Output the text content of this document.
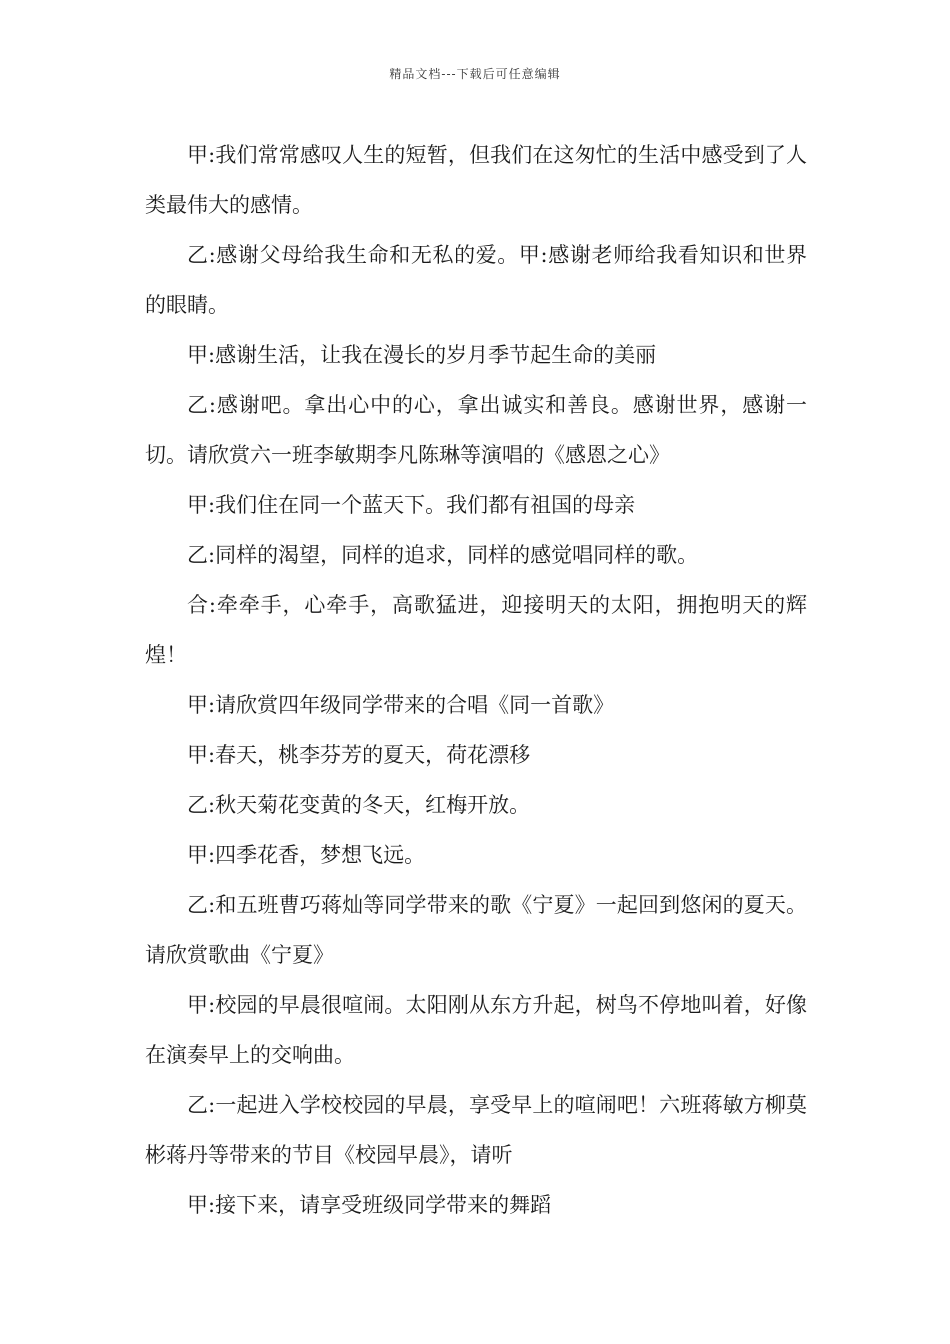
精品文档---下载后可任意编辑

甲:我们常常感叹人生的短暂，但我们在这匆忙的生活中感受到了人类最伟大的感情。

乙:感谢父母给我生命和无私的爱。甲:感谢老师给我看知识和世界的眼睛。

甲:感谢生活，让我在漫长的岁月季节起生命的美丽

乙:感谢吧。拿出心中的心，拿出诚实和善良。感谢世界，感谢一切。请欣赏六一班李敏期李凡陈琳等演唱的《感恩之心》

甲:我们住在同一个蓝天下。我们都有祖国的母亲

乙:同样的渴望，同样的追求，同样的感觉唱同样的歌。

合:牵牵手，心牵手，高歌猛进，迎接明天的太阳，拥抱明天的辉煌！

甲:请欣赏四年级同学带来的合唱《同一首歌》

甲:春天，桃李芬芳的夏天，荷花漂移

乙:秋天菊花变黄的冬天，红梅开放。

甲:四季花香，梦想飞远。

乙:和五班曹巧蒋灿等同学带来的歌《宁夏》一起回到悠闲的夏天。请欣赏歌曲《宁夏》

甲:校园的早晨很喧闹。太阳刚从东方升起，树鸟不停地叫着，好像在演奏早上的交响曲。

乙:一起进入学校校园的早晨，享受早上的喧闹吧！六班蒋敏方柳莫彬蒋丹等带来的节目《校园早晨》，请听

甲:接下来，请享受班级同学带来的舞蹈
